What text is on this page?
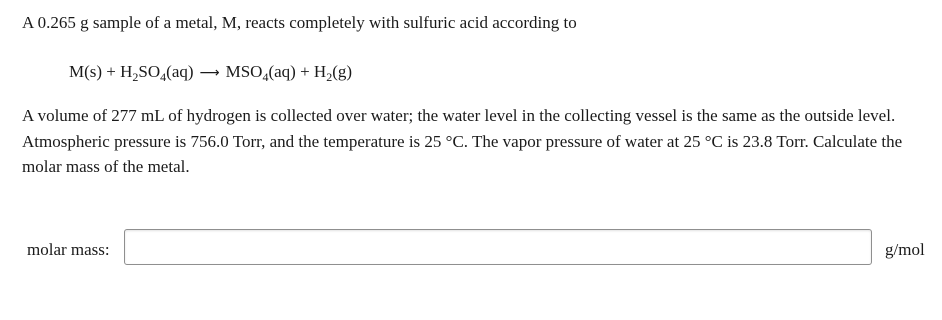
A 0.265 g sample of a metal, M, reacts completely with sulfuric acid according to
$M(s) + H_2SO_4(aq)$ ⟶ $MSO_4(aq) + H_2(g)$
A volume of 277 mL of hydrogen is collected over water; the water level in the collecting vessel is the same as the outside level. Atmospheric pressure is 756.0 Torr, and the temperature is 25 °C. The vapor pressure of water at 25 °C is 23.8 Torr. Calculate the molar mass of the metal.
molar mass:	g/mol
